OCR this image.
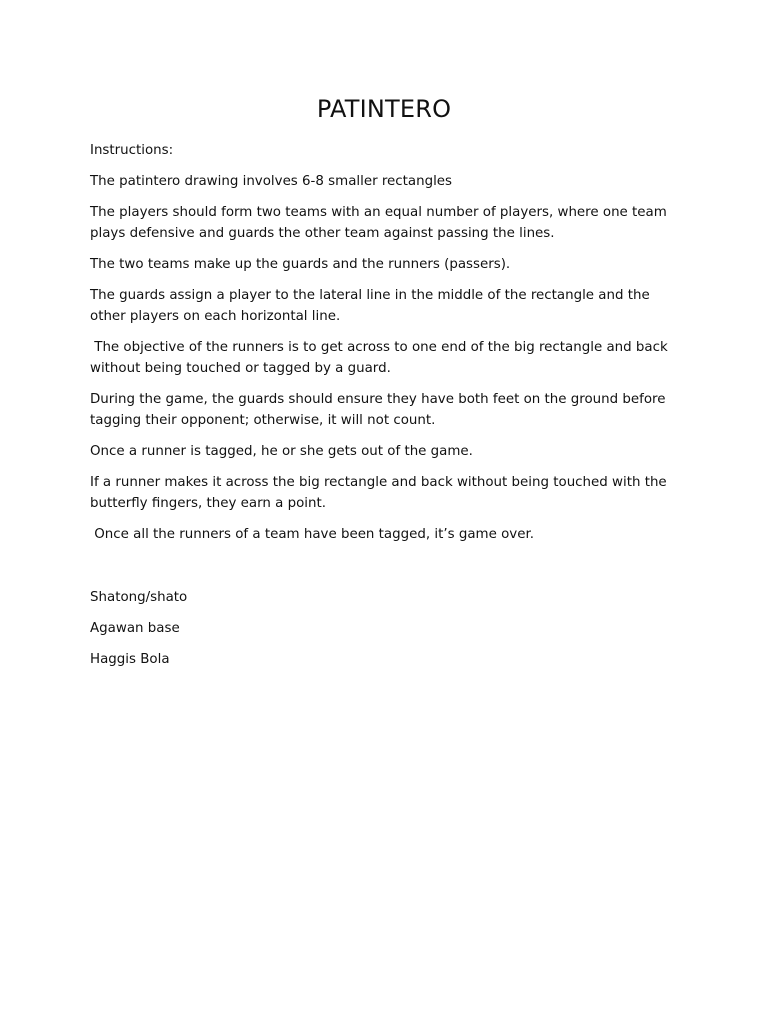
PATINTERO

Instructions:

The patintero drawing involves 6-8 smaller rectangles

The players should form two teams with an equal number of players, where one team plays defensive and guards the other team against passing the lines.

The two teams make up the guards and the runners (passers).

The guards assign a player to the lateral line in the middle of the rectangle and the other players on each horizontal line.

The objective of the runners is to get across to one end of the big rectangle and back without being touched or tagged by a guard.

During the game, the guards should ensure they have both feet on the ground before tagging their opponent; otherwise, it will not count.

Once a runner is tagged, he or she gets out of the game.

If a runner makes it across the big rectangle and back without being touched with the butterfly fingers, they earn a point.

Once all the runners of a team have been tagged, it’s game over.

Shatong/shato

Agawan base

Haggis Bola
